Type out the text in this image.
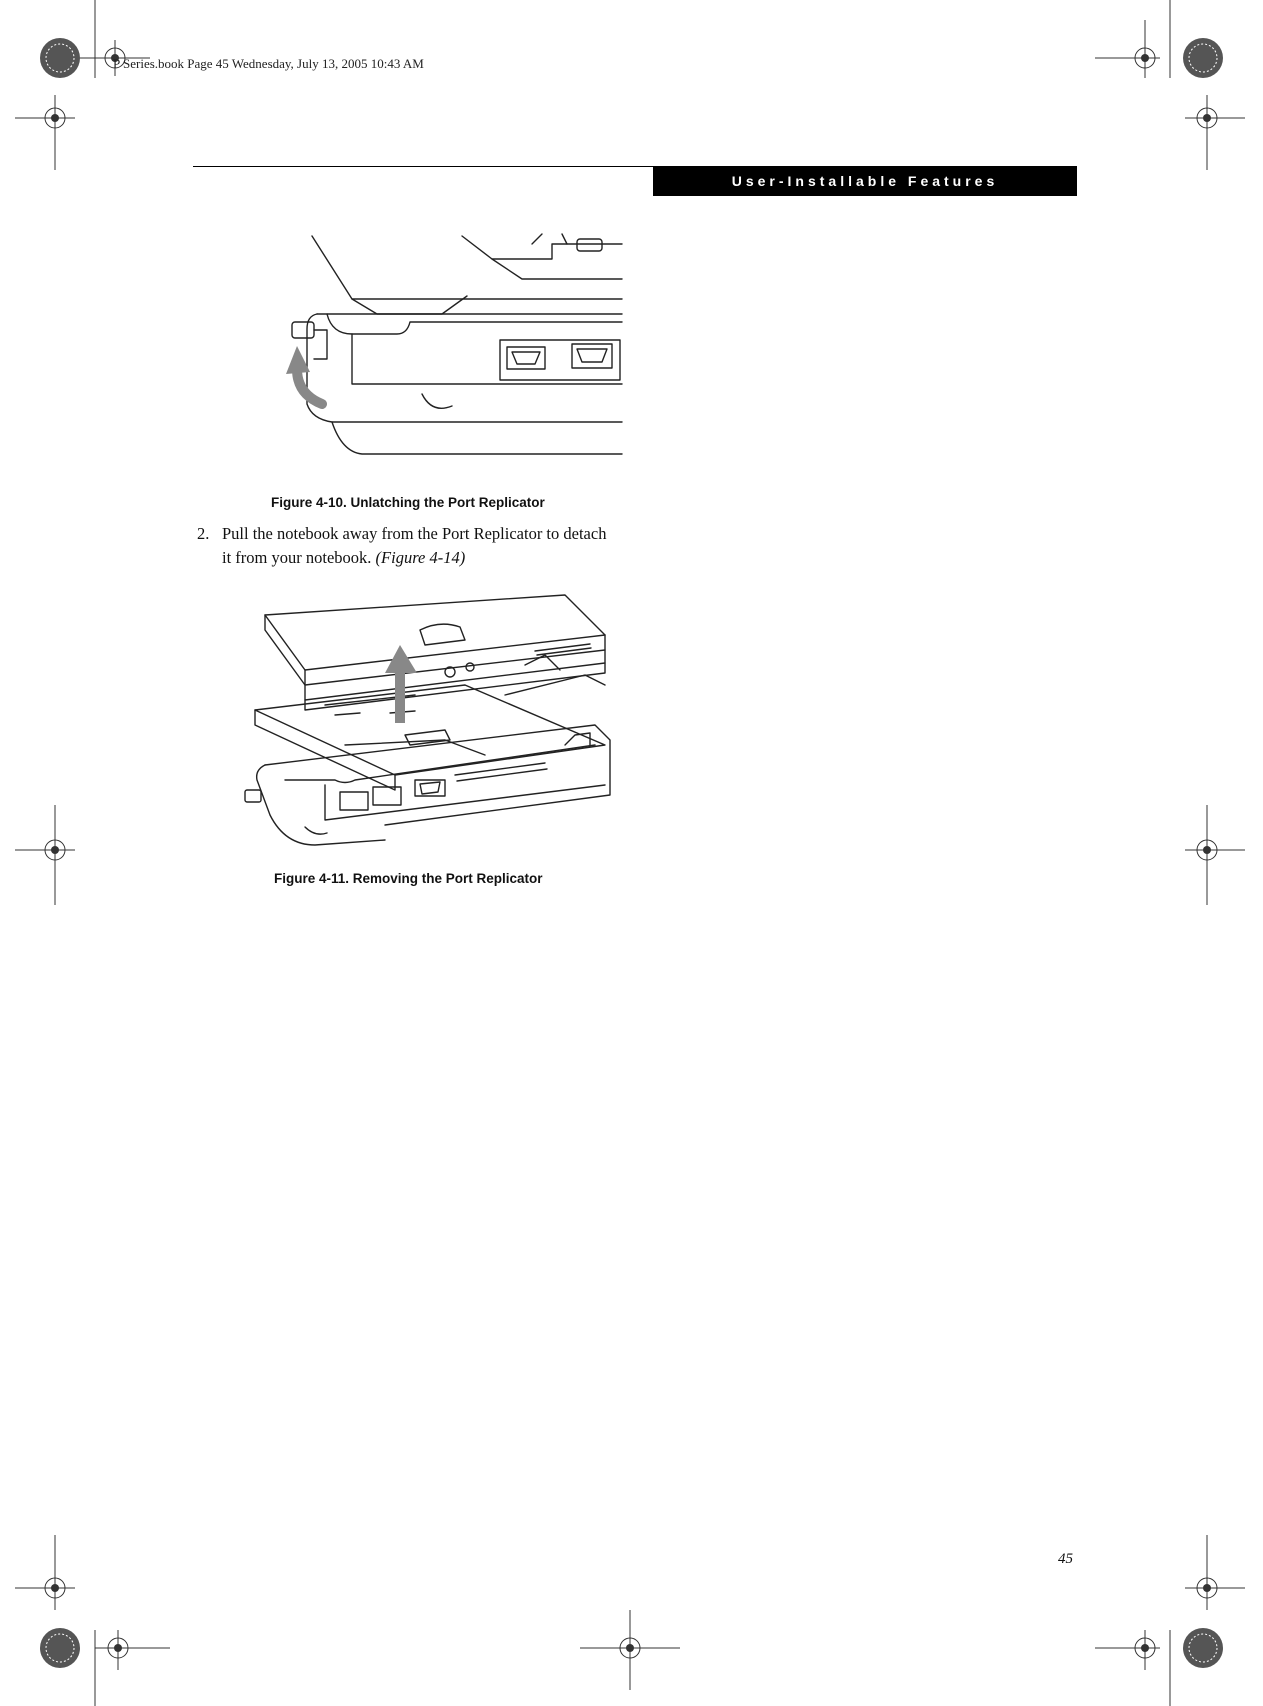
P Series.book Page 45 Wednesday, July 13, 2005 10:43 AM
User-Installable Features
Figure 4-10. Unlatching the Port Replicator
2. Pull the notebook away from the Port Replicator to detach it from your notebook. (Figure 4-14)
Figure 4-11. Removing the Port Replicator
45
